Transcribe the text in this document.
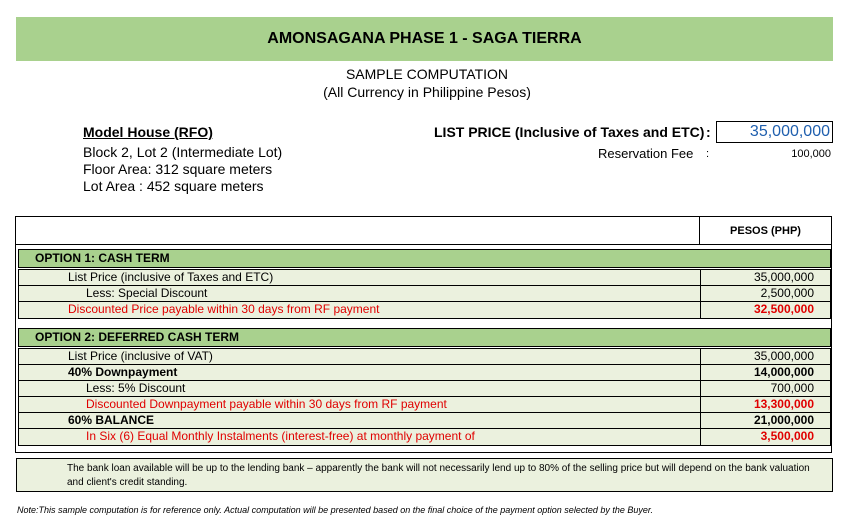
AMONSAGANA PHASE 1 - SAGA TIERRA
SAMPLE COMPUTATION
(All Currency in Philippine Pesos)
Model House (RFO)
Block 2, Lot 2 (Intermediate Lot)
Floor Area: 312 square meters
Lot Area : 452 square meters
LIST PRICE (Inclusive of Taxes and ETC) :	35,000,000
Reservation Fee :	100,000
PESOS (PHP)
OPTION 1: CASH TERM
List Price (inclusive of Taxes and ETC)	35,000,000
Less: Special Discount	2,500,000
Discounted Price payable within 30 days from RF payment	32,500,000
OPTION 2: DEFERRED CASH TERM
List Price (inclusive of VAT)	35,000,000
40% Downpayment	14,000,000
Less: 5% Discount	700,000
Discounted Downpayment payable within 30 days from RF payment	13,300,000
60% BALANCE	21,000,000
In Six (6) Equal Monthly Instalments (interest-free) at monthly payment of	3,500,000
The bank loan available will be up to the lending bank – apparently the bank will not necessarily lend up to 80% of the selling price but will depend on the bank valuation and client's credit standing.
Note:This sample computation is for reference only. Actual computation will be presented based on the final choice of the payment option selected by the Buyer.
